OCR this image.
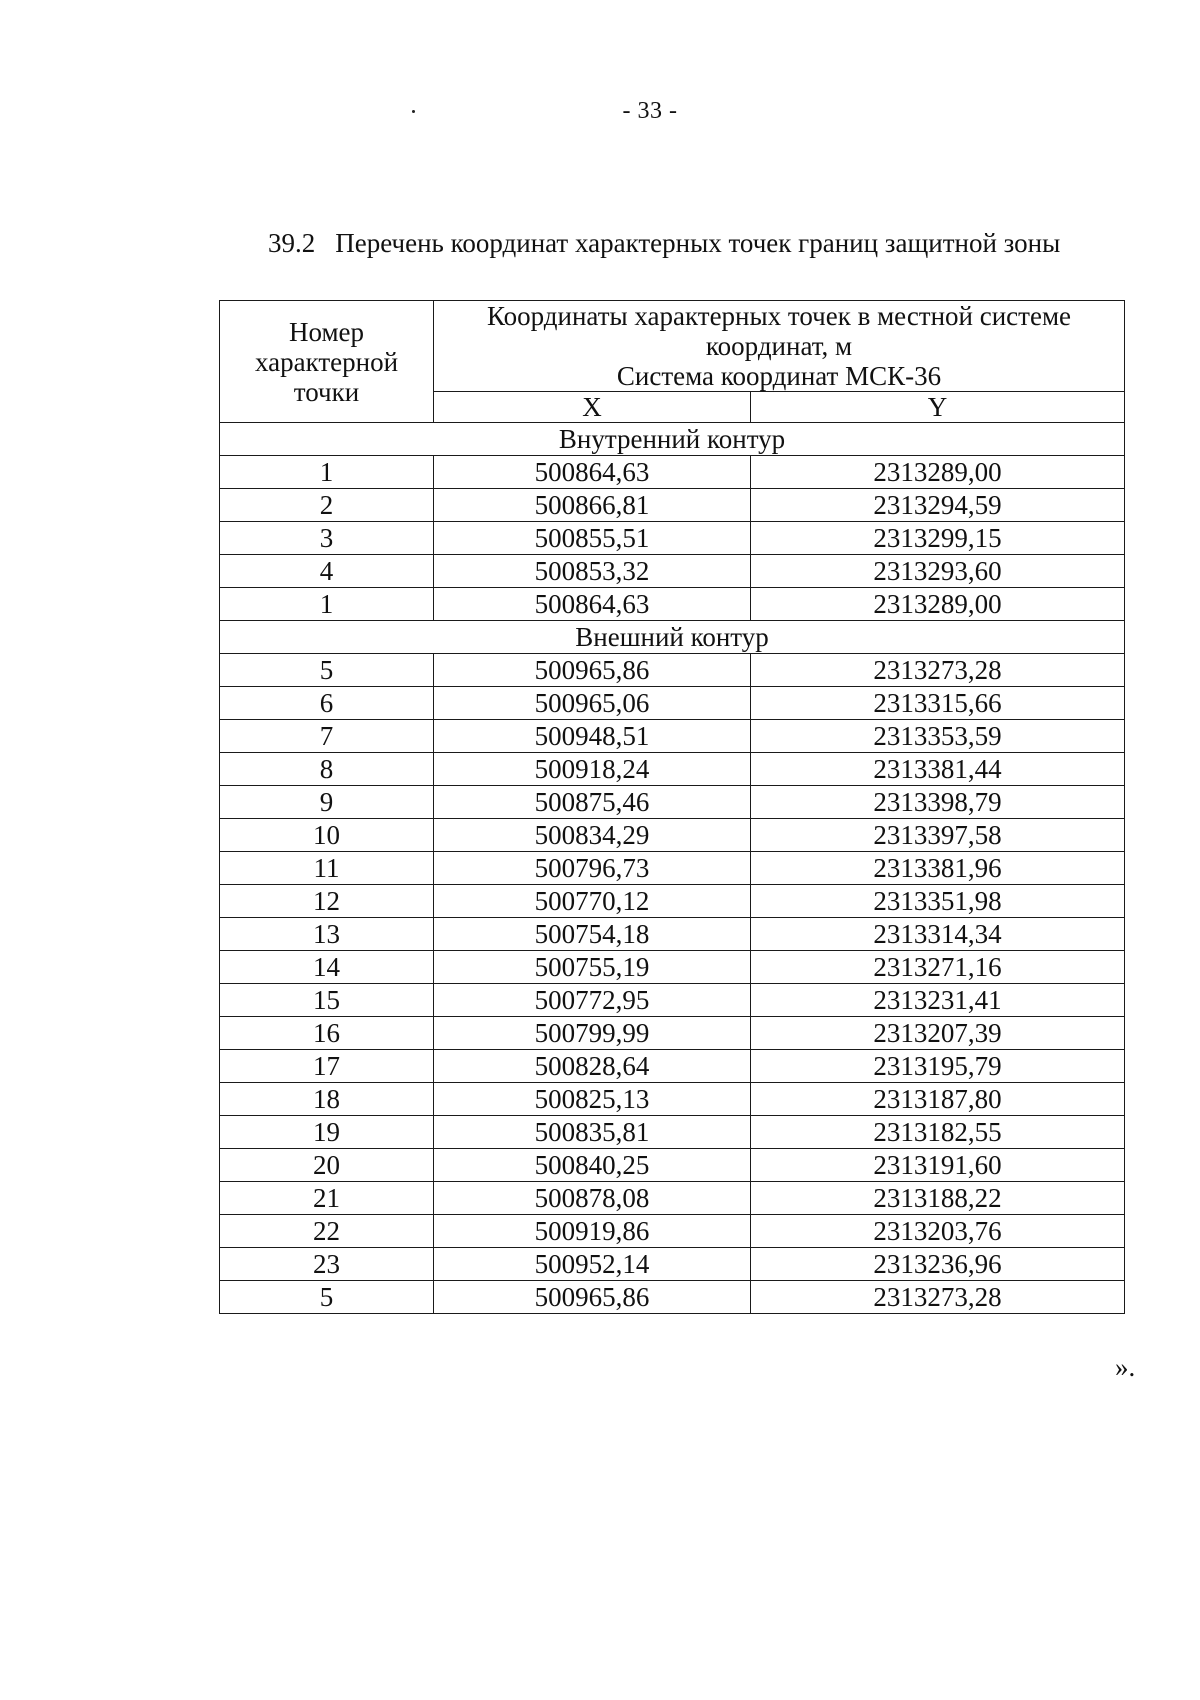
- 33 -
39.2 Перечень координат характерных точек границ защитной зоны
Номер характерной точки	Координаты характерных точек в местной системе координат, м
Система координат МСК-36	

	X	Y
Внутренний контур		
1	500864,63	2313289,00
2	500866,81	2313294,59
3	500855,51	2313299,15
4	500853,32	2313293,60
1	500864,63	2313289,00
Внешний контур		
5	500965,86	2313273,28
6	500965,06	2313315,66
7	500948,51	2313353,59
8	500918,24	2313381,44
9	500875,46	2313398,79
10	500834,29	2313397,58
11	500796,73	2313381,96
12	500770,12	2313351,98
13	500754,18	2313314,34
14	500755,19	2313271,16
15	500772,95	2313231,41
16	500799,99	2313207,39
17	500828,64	2313195,79
18	500825,13	2313187,80
19	500835,81	2313182,55
20	500840,25	2313191,60
21	500878,08	2313188,22
22	500919,86	2313203,76
23	500952,14	2313236,96
5	500965,86	2313273,28
».
